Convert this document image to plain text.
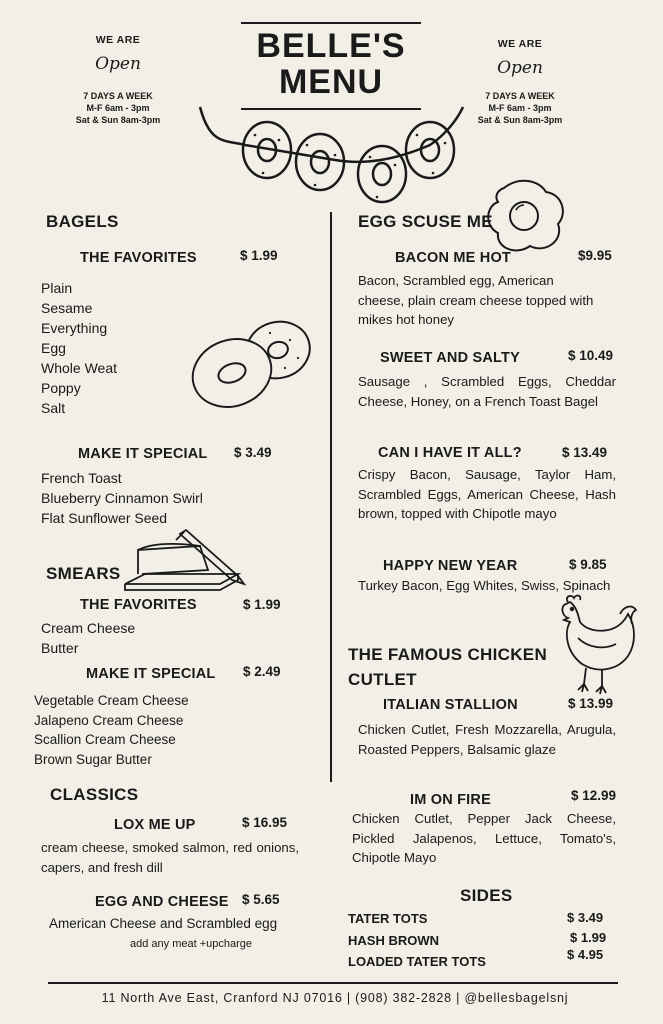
WE ARE
Open
7 DAYS A WEEK
M-F 6am - 3pm
Sat & Sun 8am-3pm
WE ARE
Open
7 DAYS A WEEK
M-F 6am - 3pm
Sat & Sun 8am-3pm
BELLE'S
MENU
BAGELS
THE FAVORITES	$ 1.99
Plain
Sesame
Everything
Egg
Whole Weat
Poppy
Salt
MAKE IT SPECIAL $ 3.49
French Toast
Blueberry Cinnamon Swirl
Flat Sunflower Seed
SMEARS
THE FAVORITES	$ 1.99
Cream Cheese
Butter
MAKE IT SPECIAL $ 2.49
Vegetable Cream Cheese
Jalapeno Cream Cheese
Scallion Cream Cheese
Brown Sugar Butter
CLASSICS
LOX ME UP	$ 16.95
cream cheese, smoked salmon, red onions, capers, and fresh dill
EGG AND CHEESE $ 5.65
American Cheese and Scrambled egg
add any meat +upcharge
EGG SCUSE ME
BACON ME HOT	$9.95
Bacon, Scrambled egg, American cheese, plain cream cheese topped with mikes hot honey
SWEET AND SALTY	$ 10.49
Sausage , Scrambled Eggs, Cheddar Cheese, Honey, on a French Toast Bagel
CAN I HAVE IT ALL?	$ 13.49
Crispy Bacon, Sausage, Taylor Ham, Scrambled Eggs, American Cheese, Hash brown, topped with Chipotle mayo
HAPPY NEW YEAR	$ 9.85
Turkey Bacon, Egg Whites, Swiss, Spinach
THE FAMOUS CHICKEN
CUTLET
ITALIAN STALLION	$ 13.99
Chicken Cutlet, Fresh Mozzarella, Arugula, Roasted Peppers, Balsamic glaze
IM ON FIRE	$ 12.99
Chicken Cutlet, Pepper Jack Cheese, Pickled Jalapenos, Lettuce, Tomato's, Chipotle Mayo
SIDES
TATER TOTS	$ 3.49
HASH BROWN	$ 1.99
LOADED TATER TOTS	$ 4.95
11 North Ave East, Cranford NJ 07016 | (908) 382-2828 | @bellesbagelsnj
